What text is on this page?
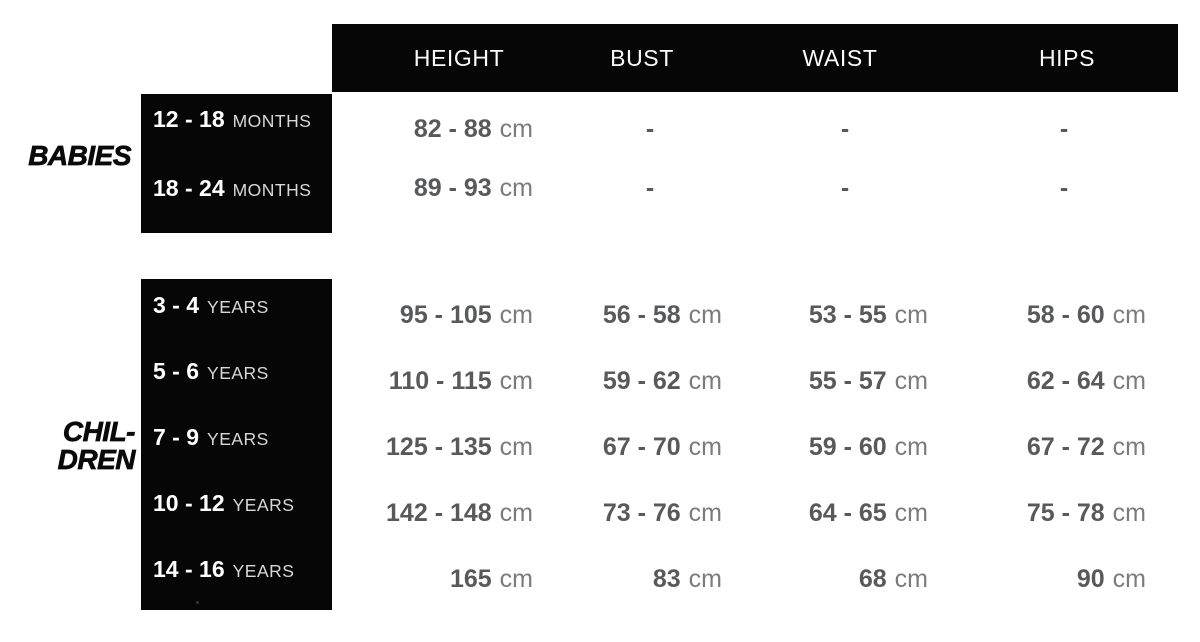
BABIES
CHIL-
DREN
HEIGHT	BUST	WAIST	HIPS
12 - 18 MONTHS	82 - 88 cm	-	-	-
18 - 24 MONTHS	89 - 93 cm	-	-	-
3 - 4 YEARS	95 - 105 cm	56 - 58 cm	53 - 55 cm	58 - 60 cm
5 - 6 YEARS	110 - 115 cm	59 - 62 cm	55 - 57 cm	62 - 64 cm
7 - 9 YEARS	125 - 135 cm	67 - 70 cm	59 - 60 cm	67 - 72 cm
10 - 12 YEARS	142 - 148 cm	73 - 76 cm	64 - 65 cm	75 - 78 cm
14 - 16 YEARS	165 cm	83 cm	68 cm	90 cm
